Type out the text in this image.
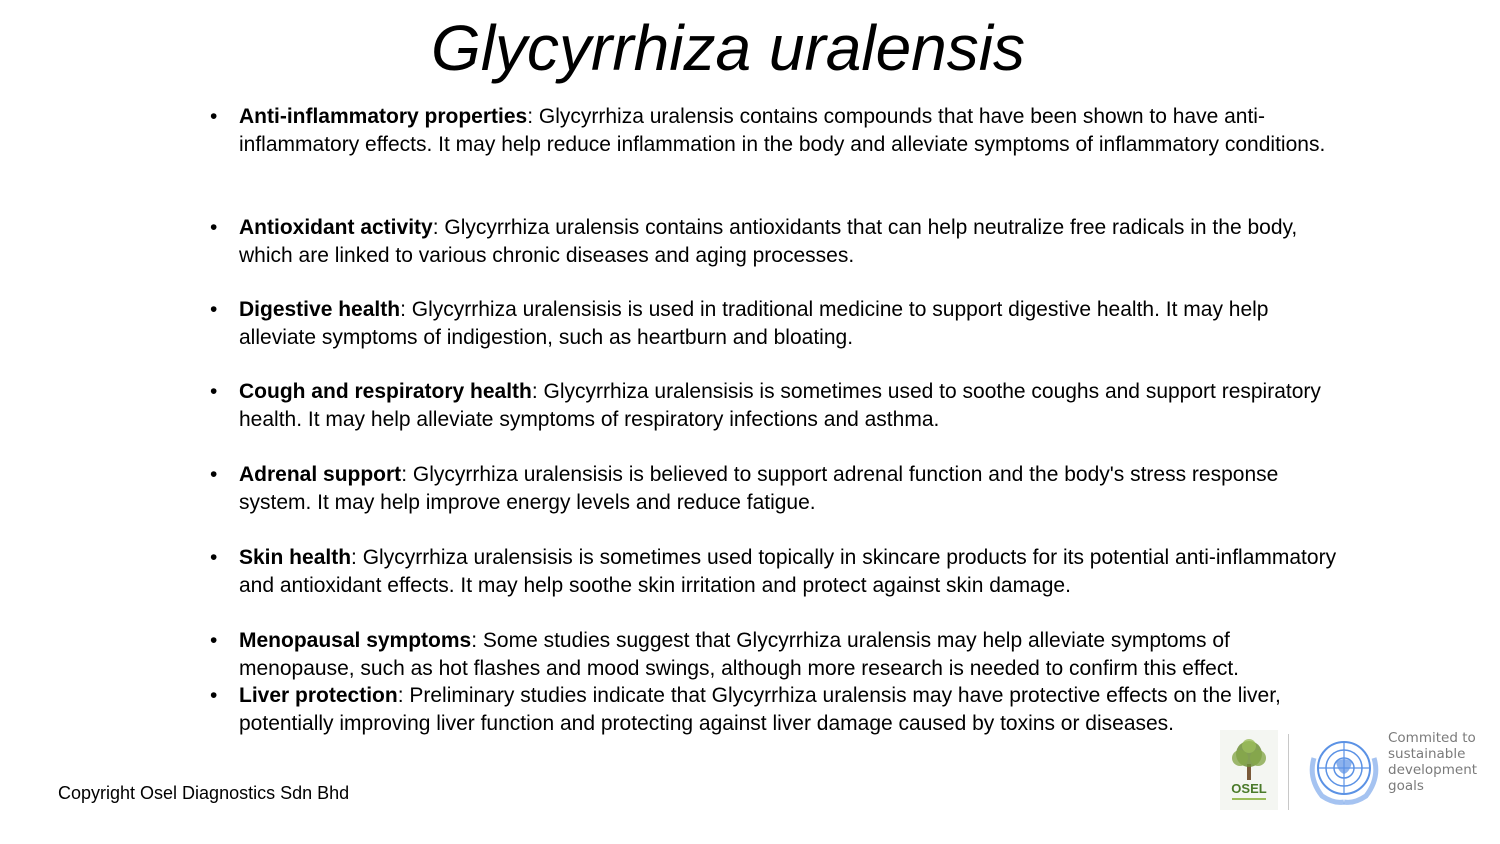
Glycyrrhiza uralensis
•	Anti-inflammatory properties: Glycyrrhiza uralensis contains compounds that have been shown to have anti-inflammatory effects. It may help reduce inflammation in the body and alleviate symptoms of inflammatory conditions.
•	Antioxidant activity: Glycyrrhiza uralensis contains antioxidants that can help neutralize free radicals in the body, which are linked to various chronic diseases and aging processes.
•	Digestive health: Glycyrrhiza uralensisis is used in traditional medicine to support digestive health. It may help alleviate symptoms of indigestion, such as heartburn and bloating.
•	Cough and respiratory health: Glycyrrhiza uralensisis is sometimes used to soothe coughs and support respiratory health. It may help alleviate symptoms of respiratory infections and asthma.
•	Adrenal support: Glycyrrhiza uralensisis is believed to support adrenal function and the body's stress response system. It may help improve energy levels and reduce fatigue.
•	Skin health: Glycyrrhiza uralensisis is sometimes used topically in skincare products for its potential anti-inflammatory and antioxidant effects. It may help soothe skin irritation and protect against skin damage.
•	Menopausal symptoms: Some studies suggest that Glycyrrhiza uralensis may help alleviate symptoms of menopause, such as hot flashes and mood swings, although more research is needed to confirm this effect.
•	Liver protection: Preliminary studies indicate that Glycyrrhiza uralensis may have protective effects on the liver, potentially improving liver function and protecting against liver damage caused by toxins or diseases.
Copyright Osel Diagnostics Sdn Bhd	OSEL
Commited to
sustainable
development
goals
